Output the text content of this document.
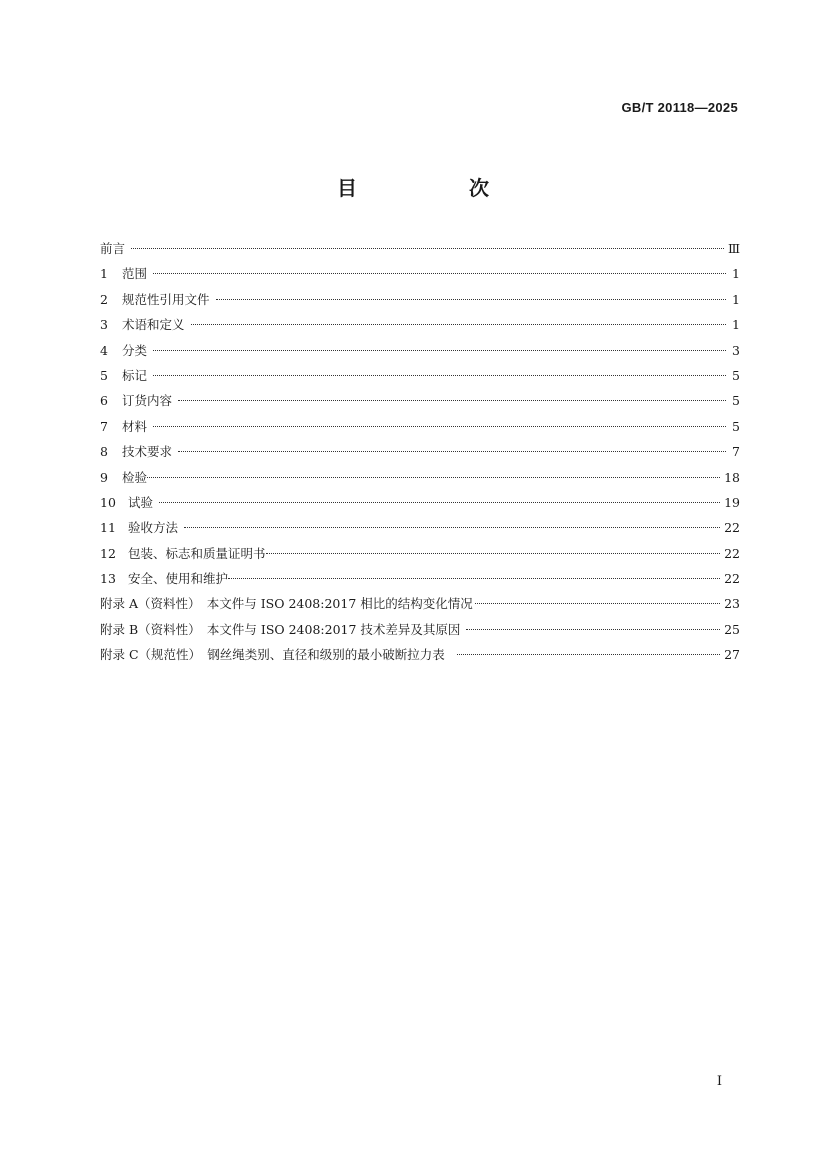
GB/T 20118—2025
目　次
前言	Ⅲ
1	范围	1
2	规范性引用文件	1
3	术语和定义	1
4	分类	3
5	标记	5
6	订货内容	5
7	材料	5
8	技术要求	7
9	检验	18
10 试验	19
11 验收方法	22
12 包装、标志和质量证明书	22
13 安全、使用和维护	22
附录 A（资料性）　本文件与 ISO 2408:2017 相比的结构变化情况	23
附录 B（资料性）　本文件与 ISO 2408:2017 技术差异及其原因	25
附录 C（规范性）　钢丝绳类别、直径和级别的最小破断拉力表	27
I
